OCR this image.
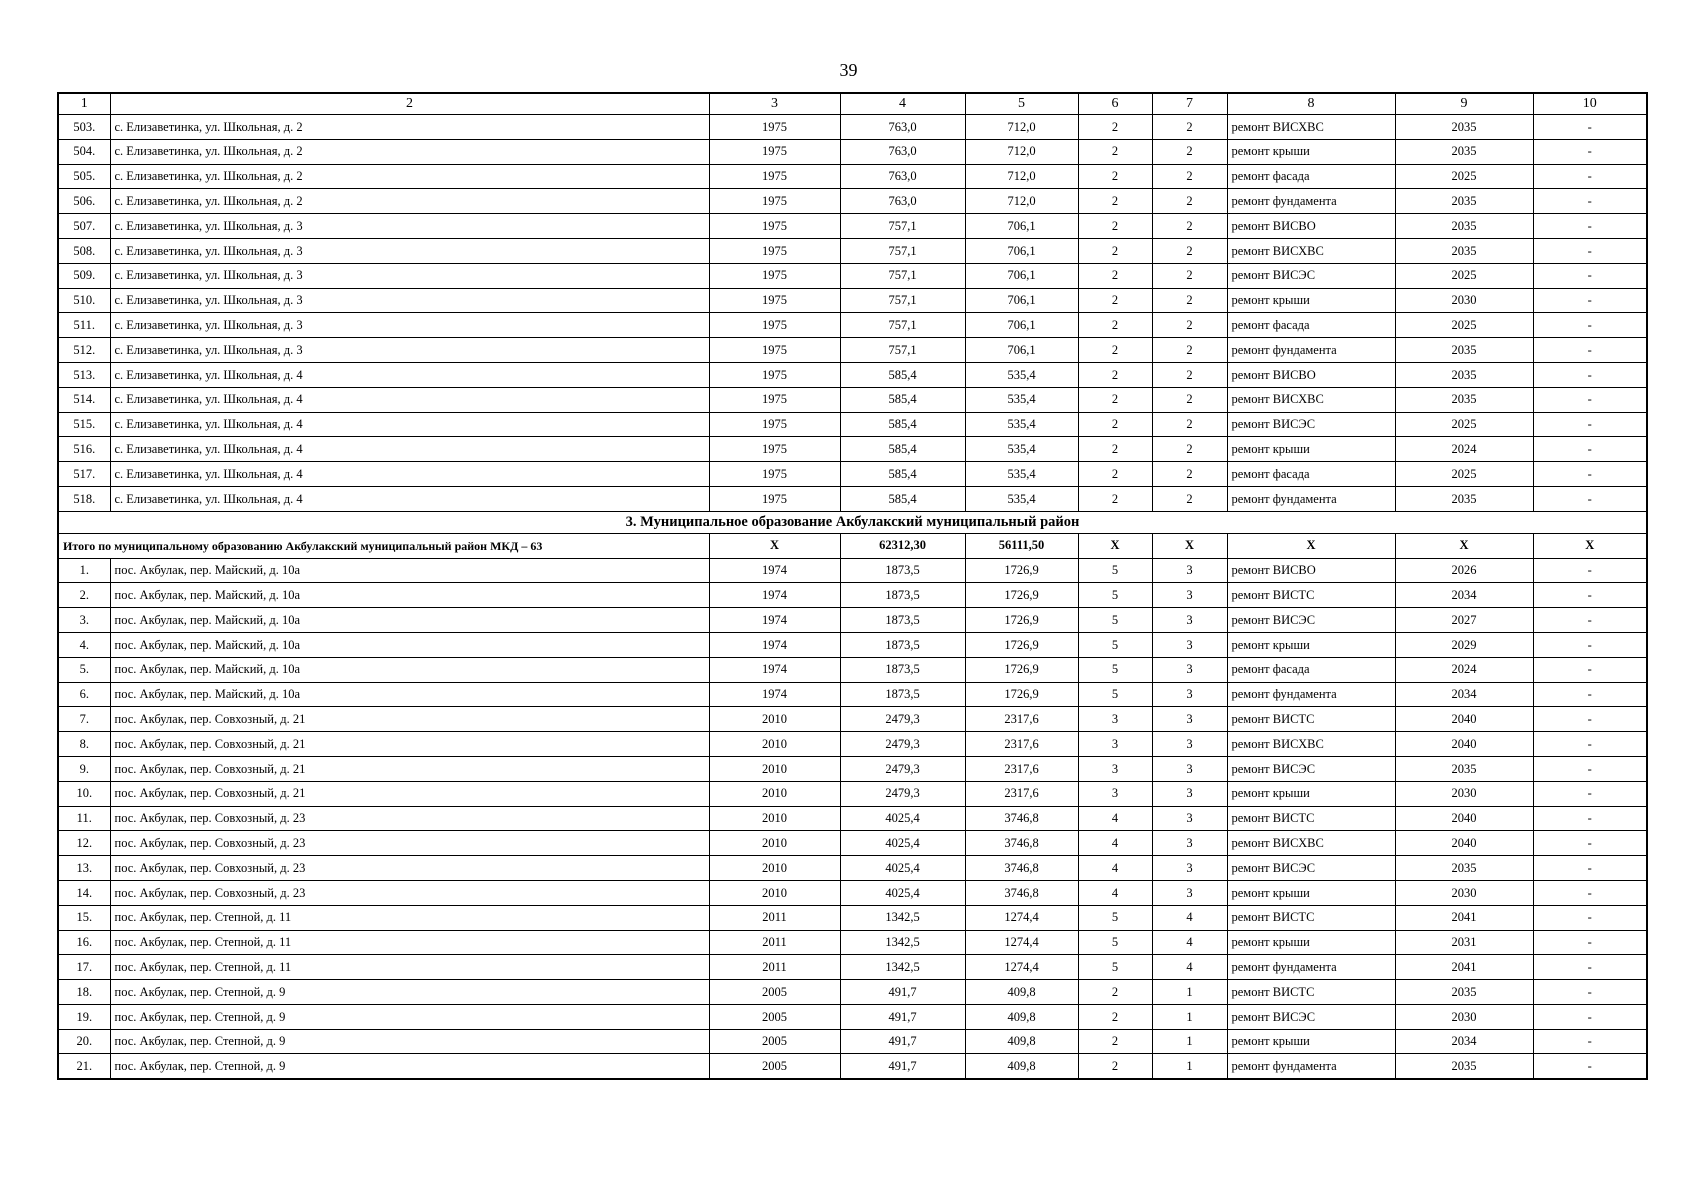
39
1	2	3	4	5	6	7	8	9	10
503.	с. Елизаветинка, ул. Школьная, д. 2	1975	763,0	712,0	2	2	ремонт ВИСХВС	2035	-
504.	с. Елизаветинка, ул. Школьная, д. 2	1975	763,0	712,0	2	2	ремонт крыши	2035	-
505.	с. Елизаветинка, ул. Школьная, д. 2	1975	763,0	712,0	2	2	ремонт фасада	2025	-
506.	с. Елизаветинка, ул. Школьная, д. 2	1975	763,0	712,0	2	2	ремонт фундамента	2035	-
507.	с. Елизаветинка, ул. Школьная, д. 3	1975	757,1	706,1	2	2	ремонт ВИСВО	2035	-
508.	с. Елизаветинка, ул. Школьная, д. 3	1975	757,1	706,1	2	2	ремонт ВИСХВС	2035	-
509.	с. Елизаветинка, ул. Школьная, д. 3	1975	757,1	706,1	2	2	ремонт ВИСЭС	2025	-
510.	с. Елизаветинка, ул. Школьная, д. 3	1975	757,1	706,1	2	2	ремонт крыши	2030	-
511.	с. Елизаветинка, ул. Школьная, д. 3	1975	757,1	706,1	2	2	ремонт фасада	2025	-
512.	с. Елизаветинка, ул. Школьная, д. 3	1975	757,1	706,1	2	2	ремонт фундамента	2035	-
513.	с. Елизаветинка, ул. Школьная, д. 4	1975	585,4	535,4	2	2	ремонт ВИСВО	2035	-
514.	с. Елизаветинка, ул. Школьная, д. 4	1975	585,4	535,4	2	2	ремонт ВИСХВС	2035	-
515.	с. Елизаветинка, ул. Школьная, д. 4	1975	585,4	535,4	2	2	ремонт ВИСЭС	2025	-
516.	с. Елизаветинка, ул. Школьная, д. 4	1975	585,4	535,4	2	2	ремонт крыши	2024	-
517.	с. Елизаветинка, ул. Школьная, д. 4	1975	585,4	535,4	2	2	ремонт фасада	2025	-
518.	с. Елизаветинка, ул. Школьная, д. 4	1975	585,4	535,4	2	2	ремонт фундамента	2035	-
3. Муниципальное образование Акбулакский муниципальный район									
Итого по муниципальному образованию Акбулакский муниципальный район МКД – 63		X	62312,30	56111,50	X	X	X	X	X
1.	пос. Акбулак, пер. Майский, д. 10а	1974	1873,5	1726,9	5	3	ремонт ВИСВО	2026	-
2.	пос. Акбулак, пер. Майский, д. 10а	1974	1873,5	1726,9	5	3	ремонт ВИСТС	2034	-
3.	пос. Акбулак, пер. Майский, д. 10а	1974	1873,5	1726,9	5	3	ремонт ВИСЭС	2027	-
4.	пос. Акбулак, пер. Майский, д. 10а	1974	1873,5	1726,9	5	3	ремонт крыши	2029	-
5.	пос. Акбулак, пер. Майский, д. 10а	1974	1873,5	1726,9	5	3	ремонт фасада	2024	-
6.	пос. Акбулак, пер. Майский, д. 10а	1974	1873,5	1726,9	5	3	ремонт фундамента	2034	-
7.	пос. Акбулак, пер. Совхозный, д. 21	2010	2479,3	2317,6	3	3	ремонт ВИСТС	2040	-
8.	пос. Акбулак, пер. Совхозный, д. 21	2010	2479,3	2317,6	3	3	ремонт ВИСХВС	2040	-
9.	пос. Акбулак, пер. Совхозный, д. 21	2010	2479,3	2317,6	3	3	ремонт ВИСЭС	2035	-
10.	пос. Акбулак, пер. Совхозный, д. 21	2010	2479,3	2317,6	3	3	ремонт крыши	2030	-
11.	пос. Акбулак, пер. Совхозный, д. 23	2010	4025,4	3746,8	4	3	ремонт ВИСТС	2040	-
12.	пос. Акбулак, пер. Совхозный, д. 23	2010	4025,4	3746,8	4	3	ремонт ВИСХВС	2040	-
13.	пос. Акбулак, пер. Совхозный, д. 23	2010	4025,4	3746,8	4	3	ремонт ВИСЭС	2035	-
14.	пос. Акбулак, пер. Совхозный, д. 23	2010	4025,4	3746,8	4	3	ремонт крыши	2030	-
15.	пос. Акбулак, пер. Степной, д. 11	2011	1342,5	1274,4	5	4	ремонт ВИСТС	2041	-
16.	пос. Акбулак, пер. Степной, д. 11	2011	1342,5	1274,4	5	4	ремонт крыши	2031	-
17.	пос. Акбулак, пер. Степной, д. 11	2011	1342,5	1274,4	5	4	ремонт фундамента	2041	-
18.	пос. Акбулак, пер. Степной, д. 9	2005	491,7	409,8	2	1	ремонт ВИСТС	2035	-
19.	пос. Акбулак, пер. Степной, д. 9	2005	491,7	409,8	2	1	ремонт ВИСЭС	2030	-
20.	пос. Акбулак, пер. Степной, д. 9	2005	491,7	409,8	2	1	ремонт крыши	2034	-
21.	пос. Акбулак, пер. Степной, д. 9	2005	491,7	409,8	2	1	ремонт фундамента	2035	-
